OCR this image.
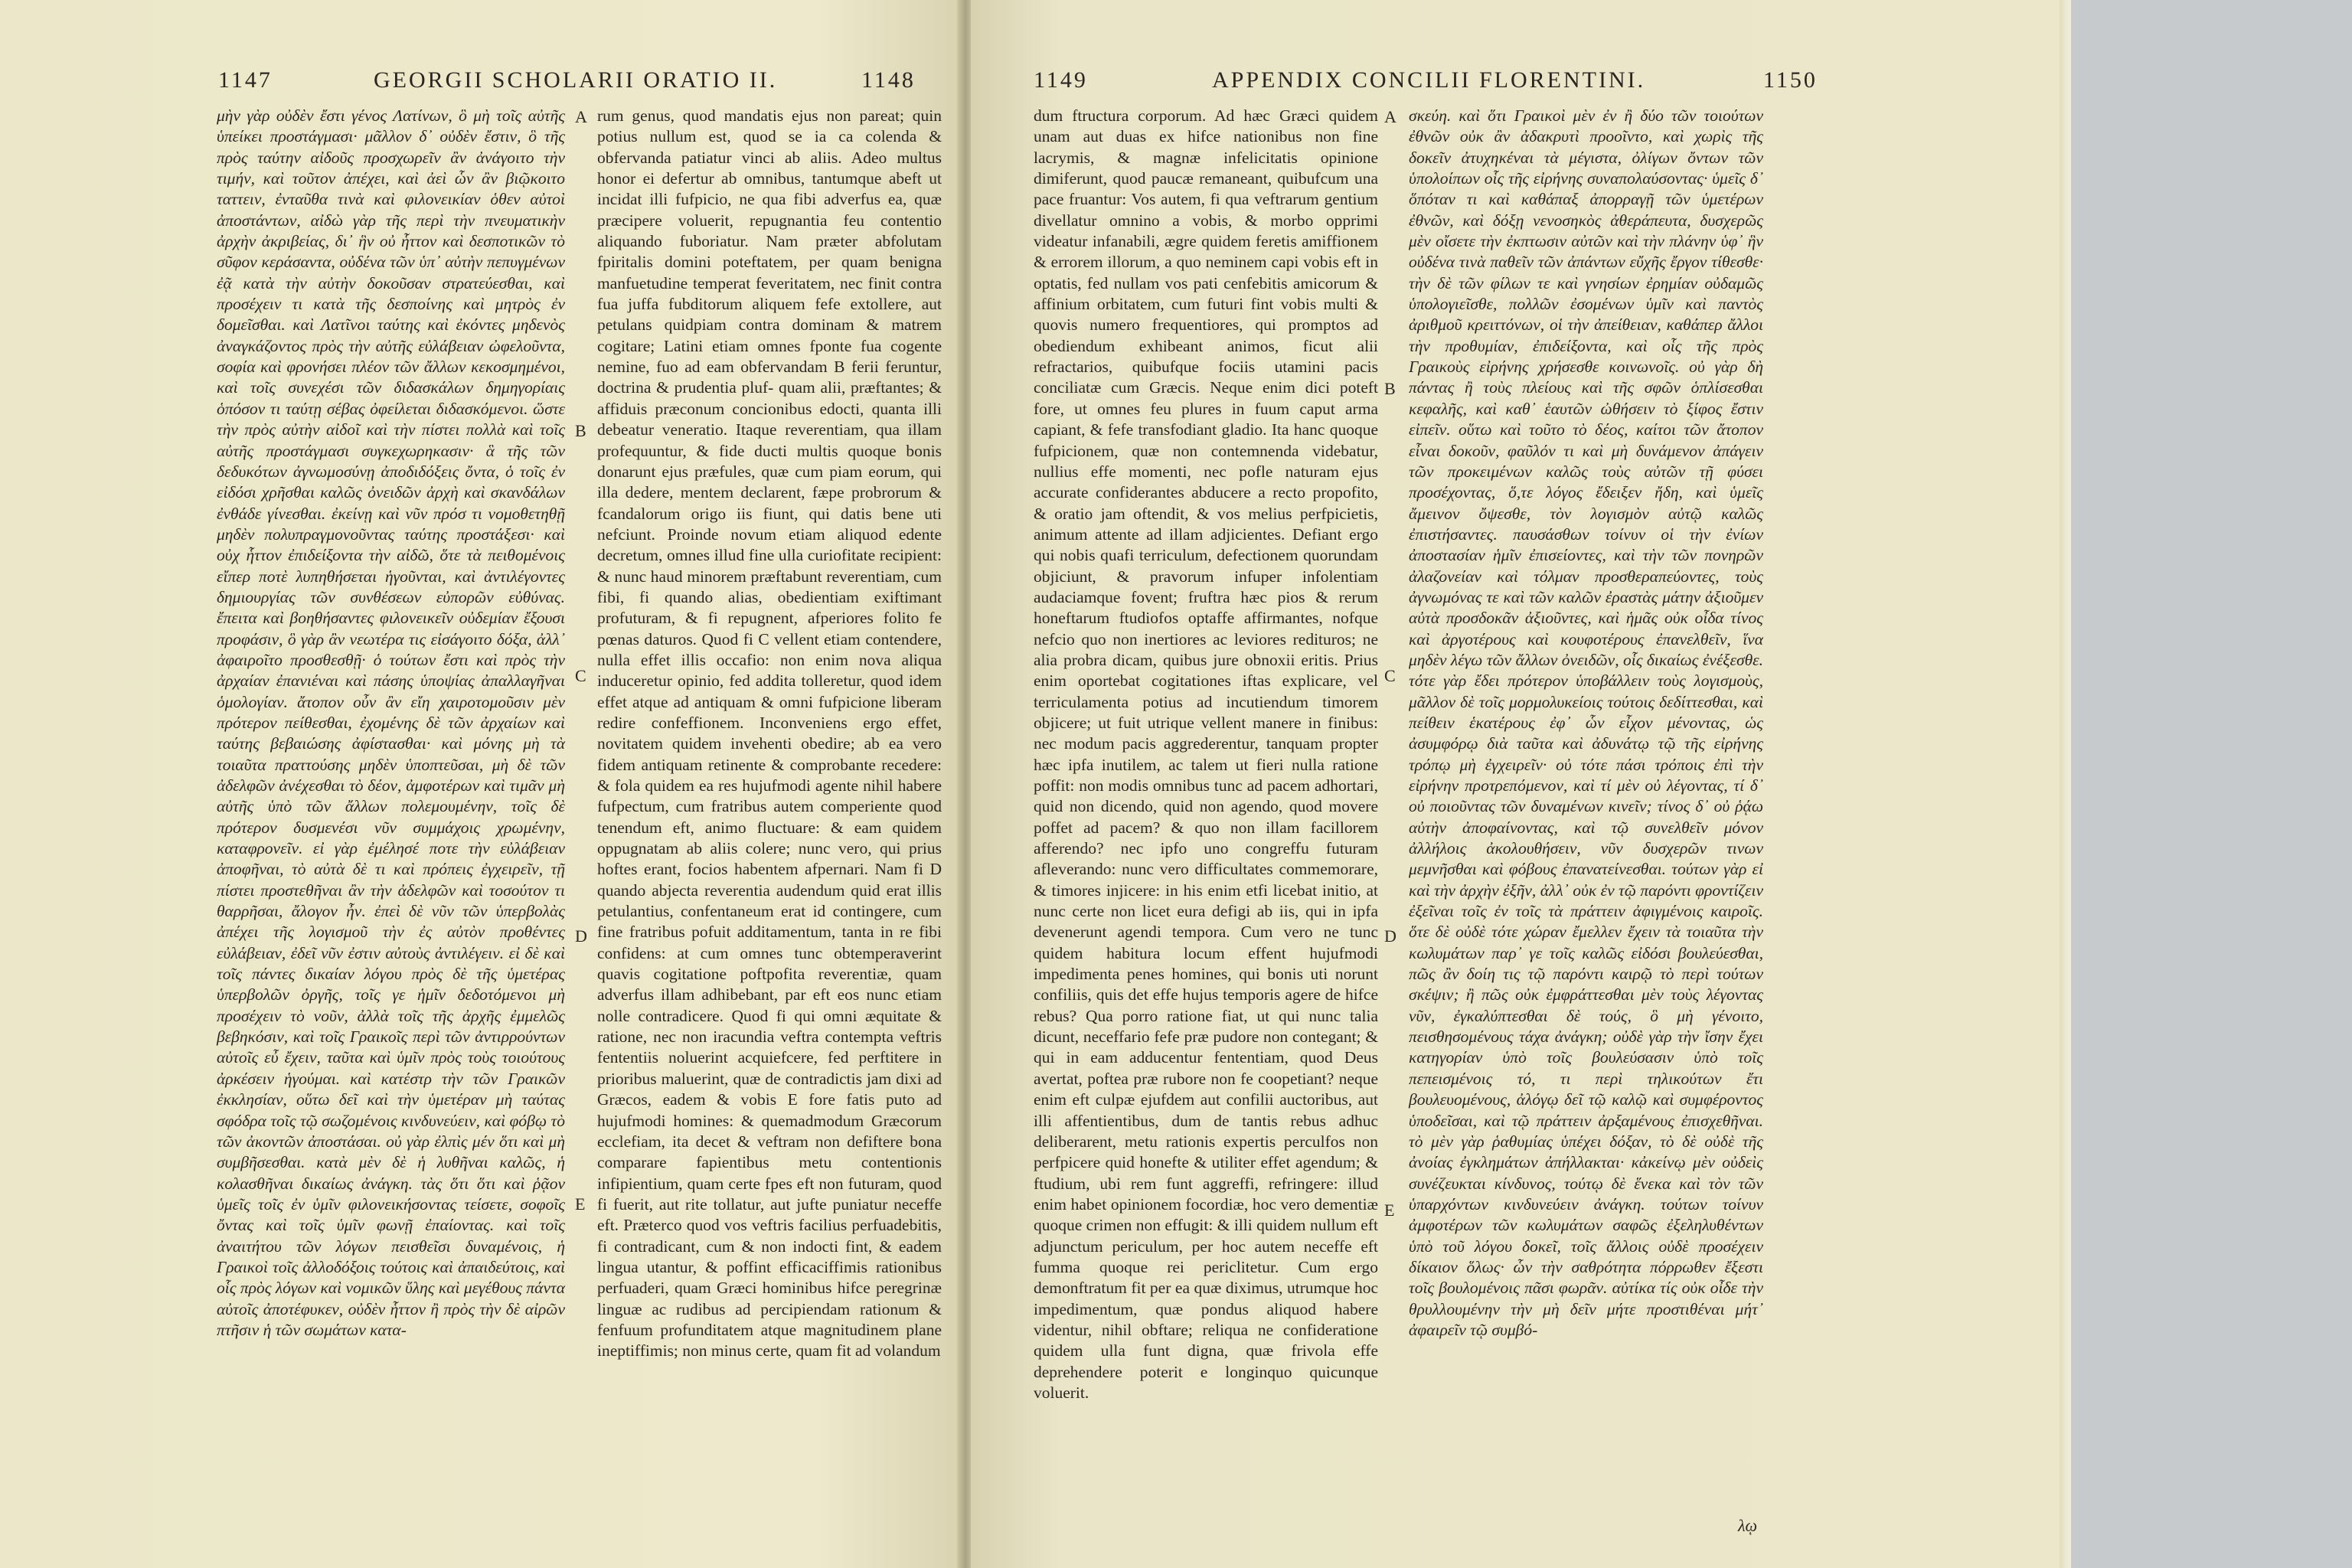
1147	GEORGII SCHOLARII ORATIO II.	1148

μὴν γὰρ οὐδὲν ἔστι γένος Λατίνων, ὃ μὴ τοῖς αὐτῆς ὑπείκει προστάγμασι· μᾶλλον δ᾽ οὐδὲν ἔστιν, ὃ τῆς πρὸς ταύτην αἰδοῦς προσχωρεῖν ἂν ἀνάγοιτο τὴν τιμήν, καὶ τοῦτον ἀπέχει, καὶ ἀεὶ ὧν ἂν βιῷκοιτο ταττειν, ἐνταῦθα τινὰ καὶ φιλονεικίαν ὁθεν αὐτοὶ ἀποστάντων, αἰδὼ γὰρ τῆς περὶ τὴν πνευματικὴν ἀρχὴν ἀκριβείας, δι᾽ ἣν οὐ ἧττον καὶ δεσποτικῶν τὸ σῦφον κεράσαντα, οὐδένα τῶν ὑπ᾽ αὐτὴν πεπυγμένων ἐᾷ κατὰ τὴν αὐτὴν δοκοῦσαν στρατεύεσθαι, καὶ προσέχειν τι κατὰ τῆς δεσποίνης καὶ μητρὸς ἐν δομεῖσθαι. καὶ Λατῖνοι ταύτης καὶ ἐκόντες μηδενὸς ἀναγκάζοντος πρὸς τὴν αὐτῆς εὐλάβειαν ὠφελοῦντα, σοφία καὶ φρονήσει πλέον τῶν ἄλλων κεκοσμημένοι, καὶ τοῖς συνεχέσι τῶν διδασκάλων δημηγορίαις ὁπόσον τι ταύτῃ σέβας ὀφείλεται διδασκόμενοι. ὥστε τὴν πρὸς αὐτὴν αἰδοῖ καὶ τὴν πίστει πολλὰ καὶ τοῖς αὐτῆς προστάγμασι συγκεχωρηκασιν· ἃ τῆς τῶν δεδυκότων ἀγνωμοσύνῃ ἀποδιδόξεις ὄντα, ὁ τοῖς ἐν εἰδόσι χρῆσθαι καλῶς ὀνειδῶν ἀρχὴ καὶ σκανδάλων ἐνθάδε γίνεσθαι. ἐκείνῃ καὶ νῦν πρόσ τι νομοθετηθῇ μηδὲν πολυπραγμονοῦντας ταύτης προστάξεσι· καὶ οὐχ ἧττον ἐπιδείξοντα τὴν αἰδῶ, ὅτε τὰ πειθομένοις εἴπερ ποτὲ λυπηθήσεται ἡγοῦνται, καὶ ἀντιλέγοντες δημιουργίας τῶν συνθέσεων εὐπορῶν εὐθύνας. ἔπειτα καὶ βοηθήσαντες φιλονεικεῖν οὐδεμίαν ἔξουσι προφάσιν, ὃ γὰρ ἂν νεωτέρα τις εἰσάγοιτο δόξα, ἀλλ᾽ ἀφαιροῖτο προσθεσθῇ· ὁ τούτων ἔστι καὶ πρὸς τὴν ἀρχαίαν ἐπανιέναι καὶ πάσης ὑποψίας ἀπαλλαγῆναι ὁμολογίαν. ἄτοπον οὖν ἂν εἴη χαιροτομοῦσιν μὲν πρότερον πείθεσθαι, ἐχομένης δὲ τῶν ἀρχαίων καὶ ταύτης βεβαιώσης ἀφίστασθαι· καὶ μόνης μὴ τὰ τοιαῦτα πραττούσης μηδὲν ὑποπτεῦσαι, μὴ δὲ τῶν ἀδελφῶν ἀνέχεσθαι τὸ δέον, ἀμφοτέρων καὶ τιμᾶν μὴ αὐτῆς ὑπὸ τῶν ἄλλων πολεμουμένην, τοῖς δὲ πρότερον δυσμενέσι νῦν συμμάχοις χρωμένην, καταφρονεῖν. εἰ γὰρ ἐμέλησέ ποτε τὴν εὐλάβειαν ἀποφῆναι, τὸ αὐτὰ δὲ τι καὶ πρόπεις ἐγχειρεῖν, τῇ πίστει προστεθῆναι ἂν τὴν ἀδελφῶν καὶ τοσούτον τι θαρρῆσαι, ἄλογον ἦν. ἐπεὶ δὲ νῦν τῶν ὑπερβολὰς ἀπέχει τῆς λογισμοῦ τὴν ἐς αὐτὸν προθέντες εὐλάβειαν, ἐδεῖ νῦν ἐστιν αὐτοὺς ἀντιλέγειν. εἰ δὲ καὶ τοῖς πάντες δικαίαν λόγου πρὸς δὲ τῆς ὑμετέρας ὑπερβολῶν ὀργῆς, τοῖς γε ἡμῖν δεδοτόμενοι μὴ προσέχειν τὸ νοῦν, ἀλλὰ τοῖς τῆς ἀρχῆς ἐμμελῶς βεβηκόσιν, καὶ τοῖς Γραικοῖς περὶ τῶν ἀντιρρούντων αὐτοῖς εὖ ἔχειν, ταῦτα καὶ ὑμῖν πρὸς τοὺς τοιούτους ἀρκέσειν ἡγούμαι. καὶ κατέστρ τὴν τῶν Γραικῶν ἐκκλησίαν, οὕτω δεῖ καὶ τὴν ὑμετέραν μὴ ταύτας σφόδρα τοῖς τῷ σωζομένοις κινδυνεύειν, καὶ φόβῳ τὸ τῶν ἀκοντῶν ἀποστάσαι. οὐ γὰρ ἐλπὶς μέν ὅτι καὶ μὴ συμβῆσεσθαι. κατὰ μὲν δὲ ἡ λυθῆναι καλῶς, ἡ κολασθῆναι δικαίως ἀνάγκη. τὰς ὅτι ὅτι καὶ ῥᾷον ὑμεῖς τοῖς ἐν ὑμῖν φιλονεικήσοντας τείσετε, σοφοῖς ὄντας καὶ τοῖς ὑμῖν φωνῇ ἐπαίοντας. καὶ τοῖς ἀναιτήτου τῶν λόγων πεισθεῖσι δυναμένοις, ἡ Γραικοὶ τοῖς ἀλλοδόξοις τούτοις καὶ ἀπαιδεύτοις, καὶ οἷς πρὸς λόγων καὶ νομικῶν ὕλης καὶ μεγέθους πάντα αὐτοῖς ἀποτέφυκεν, οὐδὲν ἧττον ἢ πρὸς τὴν δὲ αἰρῶν πτῆσιν ἡ τῶν σωμάτων κατα-

A
B
C
D
E

rum genus, quod mandatis ejus non pareat; quin potius nullum est, quod se ia ca colenda & obfervanda patiatur vinci ab aliis. Adeo multus honor ei defertur ab omnibus, tantumque abeft ut incidat illi fufpicio, ne qua fibi adverfus ea, quæ præcipere voluerit, repugnantia feu contentio aliquando fuboriatur. Nam præter abfolutam fpiritalis domini poteftatem, per quam benigna manfuetudine temperat feveritatem, nec finit contra fua juffa fubditorum aliquem fefe extollere, aut petulans quidpiam contra dominam & matrem cogitare; Latini etiam omnes fponte fua cogente nemine, fuo ad eam obfervandam B ferii feruntur, doctrina & prudentia pluf- quam alii, præftantes; & affiduis præconum concionibus edocti, quanta illi debeatur veneratio. Itaque reverentiam, qua illam profequuntur, & fide ducti multis quoque bonis donarunt ejus præfules, quæ cum piam eorum, qui illa dedere, mentem declarent, fæpe probrorum & fcandalorum origo iis fiunt, qui datis bene uti nefciunt. Proinde novum etiam aliquod edente decretum, omnes illud fine ulla curiofitate recipient: & nunc haud minorem præftabunt reverentiam, cum fibi, fi quando alias, obedientiam exiftimant profuturam, & fi repugnent, afperiores folito fe pœnas daturos. Quod fi C vellent etiam contendere, nulla effet illis occafio: non enim nova aliqua induceretur opinio, fed addita tolleretur, quod idem effet atque ad antiquam & omni fufpicione liberam redire confeffionem. Inconveniens ergo effet, novitatem quidem invehenti obedire; ab ea vero fidem antiquam retinente & comprobante recedere: & fola quidem ea res hujufmodi agente nihil habere fufpectum, cum fratribus autem comperiente quod tenendum eft, animo fluctuare: & eam quidem oppugnatam ab aliis colere; nunc vero, qui prius hoftes erant, focios habentem afpernari. Nam fi D quando abjecta reverentia audendum quid erat illis petulantius, confentaneum erat id contingere, cum fine fratribus pofuit additamentum, tanta in re fibi confidens: at cum omnes tunc obtemperaverint quavis cogitatione poftpofita reverentiæ, quam adverfus illam adhibebant, par eft eos nunc etiam nolle contradicere. Quod fi qui omni æquitate & ratione, nec non iracundia veftra contempta veftris fententiis noluerint acquiefcere, fed perftitere in prioribus maluerint, quæ de contradictis jam dixi ad Græcos, eadem & vobis E fore fatis puto ad hujufmodi homines: & quemadmodum Græcorum ecclefiam, ita decet & veftram non defiftere bona comparare fapientibus metu contentionis infipientium, quam certe fpes eft non futuram, quod fi fuerit, aut rite tollatur, aut jufte puniatur neceffe eft. Præterco quod vos veftris facilius perfuadebitis, fi contradicant, cum & non indocti fint, & eadem lingua utantur, & poffint efficaciffimis rationibus perfuaderi, quam Græci hominibus hifce peregrinæ linguæ ac rudibus ad percipiendam rationum & fenfuum profunditatem atque magnitudinem plane ineptiffimis; non minus certe, quam fit ad volandum

1149	APPENDIX CONCILII FLORENTINI.	1150

dum ftructura corporum. Ad hæc Græci quidem unam aut duas ex hifce nationibus non fine lacrymis, & magnæ infelicitatis opinione dimiferunt, quod paucæ remaneant, quibufcum una pace fruantur: Vos autem, fi qua veftrarum gentium divellatur omnino a vobis, & morbo opprimi videatur infanabili, ægre quidem feretis amiffionem & errorem illorum, a quo neminem capi vobis eft in optatis, fed nullam vos pati cenfebitis amicorum & affinium orbitatem, cum futuri fint vobis multi & quovis numero frequentiores, qui promptos ad obediendum exhibeant animos, ficut alii refractarios, quibufque fociis utamini pacis conciliatæ cum Græcis. Neque enim dici poteft fore, ut omnes feu plures in fuum caput arma capiant, & fefe transfodiant gladio. Ita hanc quoque fufpicionem, quæ non contemnenda videbatur, nullius effe momenti, nec pofle naturam ejus accurate confiderantes abducere a recto propofito, & oratio jam oftendit, & vos melius perfpicietis, animum attente ad illam adjicientes. Defiant ergo qui nobis quafi terriculum, defectionem quorundam objiciunt, & pravorum infuper infolentiam audaciamque fovent; fruftra hæc pios & rerum honeftarum ftudiofos optaffe affirmantes, nofque nefcio quo non inertiores ac leviores redituros; ne alia probra dicam, quibus jure obnoxii eritis. Prius enim oportebat cogitationes iftas explicare, vel terriculamenta potius ad incutiendum timorem objicere; ut fuit utrique vellent manere in finibus: nec modum pacis aggrederentur, tanquam propter hæc ipfa inutilem, ac talem ut fieri nulla ratione poffit: non modis omnibus tunc ad pacem adhortari, quid non dicendo, quid non agendo, quod movere poffet ad pacem? & quo non illam facillorem afferendo? nec ipfo uno congreffu futuram afleverando: nunc vero difficultates commemorare, & timores injicere: in his enim etfi licebat initio, at nunc certe non licet eura defigi ab iis, qui in ipfa devenerunt agendi tempora. Cum vero ne tunc quidem habitura locum effent hujufmodi impedimenta penes homines, qui bonis uti norunt confiliis, quis det effe hujus temporis agere de hifce rebus? Qua porro ratione fiat, ut qui nunc talia dicunt, neceffario fefe præ pudore non contegant; & qui in eam adducentur fententiam, quod Deus avertat, poftea præ rubore non fe coopetiant? neque enim eft culpæ ejufdem aut confilii auctoribus, aut illi affentientibus, dum de tantis rebus adhuc deliberarent, metu rationis expertis perculfos non perfpicere quid honefte & utiliter effet agendum; & ftudium, ubi rem funt aggreffi, refringere: illud enim habet opinionem focordiæ, hoc vero dementiæ quoque crimen non effugit: & illi quidem nullum eft adjunctum periculum, per hoc autem neceffe eft fumma quoque rei periclitetur. Cum ergo demonftratum fit per ea quæ diximus, utrumque hoc impedimentum, quæ pondus aliquod habere videntur, nihil obftare; reliqua ne confideratione quidem ulla funt digna, quæ frivola effe deprehendere poterit e longinquo quicunque voluerit.

A
B
C
D
E

σκεύη. καὶ ὅτι Γραικοὶ μὲν ἐν ἢ δύο τῶν τοιούτων ἐθνῶν οὐκ ἂν ἀδακρυτὶ προοῖντο, καὶ χωρὶς τῆς δοκεῖν ἀτυχηκέναι τὰ μέγιστα, ὀλίγων ὄντων τῶν ὑπολοίπων οἷς τῆς εἰρήνης συναπολαύσοντας· ὑμεῖς δ᾽ ὅπόταν τι καὶ καθάπαξ ἀπορραγῇ τῶν ὑμετέρων ἐθνῶν, καὶ δόξῃ νενοσηκὸς ἀθεράπευτα, δυσχερῶς μὲν οἴσετε τὴν ἐκπτωσιν αὐτῶν καὶ τὴν πλάνην ὑφ᾽ ἣν οὐδένα τινὰ παθεῖν τῶν ἀπάντων εὔχῆς ἔργον τίθεσθε· τὴν δὲ τῶν φίλων τε καὶ γνησίων ἐρημίαν οὐδαμῶς ὑπολογιεῖσθε, πολλῶν ἐσομένων ὑμῖν καὶ παντὸς ἀριθμοῦ κρειττόνων, οἱ τὴν ἀπείθειαν, καθάπερ ἄλλοι τὴν προθυμίαν, ἐπιδείξοντα, καὶ οἷς τῆς πρὸς Γραικοὺς εἰρήνης χρήσεσθε κοινωνοῖς. οὐ γὰρ δὴ πάντας ἢ τοὺς πλείους καὶ τῆς σφῶν ὁπλίσεσθαι κεφαλῆς, καὶ καθ᾽ ἑαυτῶν ὠθήσειν τὸ ξίφος ἔστιν εἰπεῖν. οὕτω καὶ τοῦτο τὸ δέος, καίτοι τῶν ἄτοπον εἶναι δοκοῦν, φαῦλόν τι καὶ μὴ δυνάμενον ἀπάγειν τῶν προκειμένων καλῶς τοὺς αὐτῶν τῇ φύσει προσέχοντας, ὅ,τε λόγος ἔδειξεν ἤδη, καὶ ὑμεῖς ἄμεινον ὄψεσθε, τὸν λογισμὸν αὐτῷ καλῶς ἐπιστήσαντες. παυσάσθων τοίνυν οἱ τὴν ἐνίων ἀποστασίαν ἡμῖν ἐπισείοντες, καὶ τὴν τῶν πονηρῶν ἀλαζονείαν καὶ τόλμαν προσθεραπεύοντες, τοὺς ἀγνωμόνας τε καὶ τῶν καλῶν ἐραστὰς μάτην ἀξιοῦμεν αὐτὰ προσδοκᾶν ἀξιοῦντες, καὶ ἡμᾶς οὐκ οἶδα τίνος καὶ ἀργοτέρους καὶ κουφοτέρους ἐπανελθεῖν, ἵνα μηδὲν λέγω τῶν ἄλλων ὀνειδῶν, οἷς δικαίως ἐνέξεσθε. τότε γὰρ ἔδει πρότερον ὑποβάλλειν τοὺς λογισμοὺς, μᾶλλον δὲ τοῖς μορμολυκείοις τούτοις δεδίττεσθαι, καὶ πείθειν ἑκατέρους ἐφ᾽ ὧν εἶχον μένοντας, ὡς ἀσυμφόρῳ διὰ ταῦτα καὶ ἀδυνάτῳ τῷ τῆς εἰρήνης τρόπῳ μὴ ἐγχειρεῖν· οὐ τότε πάσι τρόποις ἐπὶ τὴν εἰρήνην προτρεπόμενον, καὶ τί μὲν οὐ λέγοντας, τί δ᾽ οὐ ποιοῦντας τῶν δυναμένων κινεῖν; τίνος δ᾽ οὐ ῥᾴω αὐτὴν ἀποφαίνοντας, καὶ τῷ συνελθεῖν μόνον ἀλλήλοις ἀκολουθήσειν, νῦν δυσχερῶν τινων μεμνῆσθαι καὶ φόβους ἐπανατείνεσθαι. τούτων γὰρ εἰ καὶ τὴν ἀρχὴν ἐξῆν, ἀλλ᾽ οὐκ ἐν τῷ παρόντι φροντίζειν ἐξεῖναι τοῖς ἐν τοῖς τὰ πράττειν ἀφιγμένοις καιροῖς. ὅτε δὲ οὐδὲ τότε χώραν ἔμελλεν ἔχειν τὰ τοιαῦτα τὴν κωλυμάτων παρ᾽ γε τοῖς καλῶς εἰδόσι βουλεύεσθαι, πῶς ἂν δοίη τις τῷ παρόντι καιρῷ τὸ περὶ τούτων σκέψιν; ἢ πῶς οὐκ ἐμφράττεσθαι μὲν τοὺς λέγοντας νῦν, ἐγκαλύπτεσθαι δὲ τούς, ὃ μὴ γένοιτο, πεισθησομένους τάχα ἀνάγκη; οὐδὲ γὰρ τὴν ἴσην ἔχει κατηγορίαν ὑπὸ τοῖς βουλεύσασιν ὑπὸ τοῖς πεπεισμένοις τό, τι περὶ τηλικούτων ἔτι βουλευομένους, ἀλόγῳ δεῖ τῷ καλῷ καὶ συμφέροντος ὑποδεῖσαι, καὶ τῷ πράττειν ἀρξαμένους ἐπισχεθῆναι. τὸ μὲν γὰρ ῥαθυμίας ὑπέχει δόξαν, τὸ δὲ οὐδὲ τῆς ἀνοίας ἐγκλημάτων ἀπήλλακται· κἀκείνῳ μὲν οὐδεὶς συνέζευκται κίνδυνος, τούτῳ δὲ ἕνεκα καὶ τὸν τῶν ὑπαρχόντων κινδυνεύειν ἀνάγκη. τούτων τοίνυν ἀμφοτέρων τῶν κωλυμάτων σαφῶς ἐξεληλυθέντων ὑπὸ τοῦ λόγου δοκεῖ, τοῖς ἄλλοις οὐδὲ προσέχειν δίκαιον ὅλως· ὧν τὴν σαθρότητα πόρρωθεν ἔξεστι τοῖς βουλομένοις πᾶσι φωρᾶν. αὐτίκα τίς οὐκ οἶδε τὴν θρυλλουμένην τὴν μὴ δεῖν μήτε προστιθέναι μήτ᾽ ἀφαιρεῖν τῷ συμβό-

λῳ
